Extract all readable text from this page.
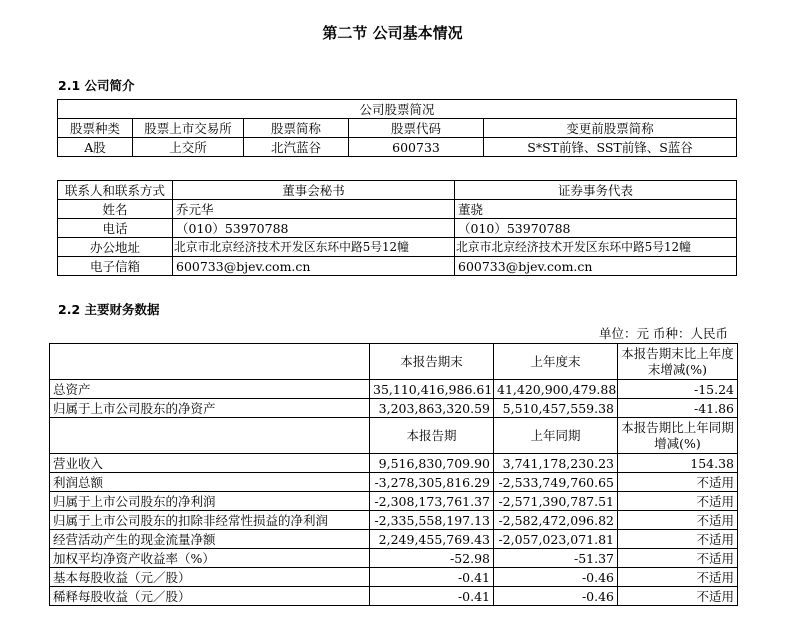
第二节 公司基本情况
2.1 公司简介
公司股票简况				
股票种类	股票上市交易所	股票简称	股票代码	变更前股票简称
A股	上交所	北汽蓝谷	600733	S*ST前锋、SST前锋、S蓝谷
联系人和联系方式	董事会秘书	证券事务代表
姓名	乔元华	董骁
电话	（010）53970788	（010）53970788
办公地址	北京市北京经济技术开发区东环中路5号12幢	北京市北京经济技术开发区东环中路5号12幢
电子信箱	600733@bjev.com.cn	600733@bjev.com.cn
2.2 主要财务数据
单位：元 币种：人民币
	本报告期末	上年度末	本报告期末比上年度末增减(%)
总资产	35,110,416,986.61	41,420,900,479.88	-15.24
归属于上市公司股东的净资产	3,203,863,320.59	5,510,457,559.38	-41.86
	本报告期	上年同期	本报告期比上年同期增减(%)
营业收入	9,516,830,709.90	3,741,178,230.23	154.38
利润总额	-3,278,305,816.29	-2,533,749,760.65	不适用
归属于上市公司股东的净利润	-2,308,173,761.37	-2,571,390,787.51	不适用
归属于上市公司股东的扣除非经常性损益的净利润	-2,335,558,197.13	-2,582,472,096.82	不适用
经营活动产生的现金流量净额	2,249,455,769.43	-2,057,023,071.81	不适用
加权平均净资产收益率（%）	-52.98	-51.37	不适用
基本每股收益（元／股）	-0.41	-0.46	不适用
稀释每股收益（元／股）	-0.41	-0.46	不适用
